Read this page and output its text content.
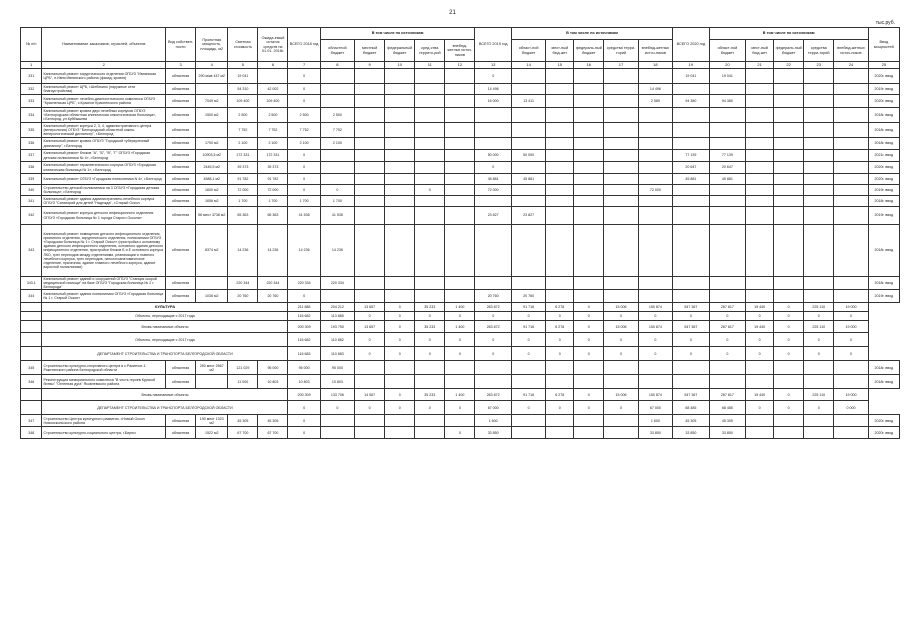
21
тыс.руб.
№ п/п	Наименование заказчиков, отраслей, объектов	Вид собствен-ности	Проектная мощность, площадь, м2	Сметная стоимость	Ожида-емый остаток средств на 01.01. 2018г.	ВСЕГО 2018 год	В том числе по источникам					ВСЕГО 2019 год	В том числе по источникам					ВСЕГО 2020 год	В том числе по источникам					Ввод мощностей
							областной бюджет	местный бюджет	федеральный бюджет	сред-ства террито-рий	внебюд-жетных источ-ников		област-ной бюджет	мест-ный бюд-жет	федераль-ный бюджет	средства терри-торий	внебюд-жетных источ-ников		област-ной бюджет	мест-ный бюд-жет	федераль-ный бюджет	средства терри-торий	внебюд-жетных источ-ников	
1	2	3	4	5	6	7	8	9	10	11	12	13	14	15	16	17	18	19	20	21	22	23	24	25
331	Капитальный ремонт хирургического отделения ОГБУЗ "Ивнянская ЦРБ", п.Ивня Ивнянского района (фасад, кровля)	областная	290 м/кв 447 м2	19 041		0						0						19 041	19 041					2020г. ввод
332	Капитальный ремонт ЦРБ, г.Шебекино (наружные сети благоустройства)	областная		54 310	42 002	0						14 496					14 496							2019г. ввод
333	Капитальный ремонт лечебно-диагностического комплекса ОГБУЗ "Красненская ЦРБ", с.Красное Красненского района	областная	7049 м2	109 400	109 400	0						16 000	13 411				2 589	94 380	94 380					2020г. ввод
334	Капитальный ремонт кровли двух лечебных корпусов ОГБУЗ «Белгородская областная клиническая онкологическая больница», г.Белгород, ул.Куйбышева	областная	1500 м2	2 500	2 500	2 500	2 500																	2018г. ввод
335	Капитальный ремонт корпуса 2, 3, 4, административного центра (венерология) ОГБУЗ "Белгородский областной кожно-венерологический диспансер", г.Белгород	областная		7 752	7 752	7 752	7 752																	2018г. ввод
336	Капитальный ремонт кровли ОГБУЗ "Городской туберкулезный диспансер", г.Белгород	областная	1700 м2	2 100	2 100	2 100	2 100																	2018г. ввод
337	Капитальный ремонт блоков "А", "Б", "В", "Г" ОГБУЗ «Городская детская поликлиника № 4», г.Белгород	областная	10903,5 м2	172 331	172 331	0						50 000	50 000					77 139	77 139					2021г. ввод
338	Капитальный ремонт терапевтического корпуса ОГБУЗ «Городская клиническая больница № 1», г.Белгород	областная	2445,5 м2	39 373	39 373	0						0						20 647	20 647					2020г. ввод
339	Капитальный ремонт ОГБУЗ «Городская поликлиника N 4», г.Белгород	областная	4588,1 м2	91 782	91 782	0						45 881	45 881					45 881	45 881					2020г. ввод
340	Строительство детской поликлиники на 3 ОГБУЗ «Городская детская больница», г.Белгород	областная	1600 м2	72 000	72 000	0	0			0		72 000					72 000							2019г. ввод
341	Капитальный ремонт здания административно-лечебного корпуса ОГБУЗ "Санаторий для детей "Надежда", г.Старый Оскол	областная	1656 м2	1 700	1 700	1 700	1 700																	2018г. ввод
342	Капитальный ремонт корпуса детского инфекционного отделения ОГБУЗ «Городская больница № 1 города Старого Оскола»	областная	56 мест 3738 м2	65 363	65 363	41 536	41 536					23 827	23 827											2019г. ввод
343	Капитальный ремонт помещения детского инфекционного отделения, приемного отделения, хирургического отделения, поликлиники ОГБУЗ «Городская больница № 1 г. Старый Оскол» (пристройка к основному зданию детского инфекционного отделения, основного здания детского инфекционного отделения, пристройки блоков Б и Е основного корпуса ЛКО, трех переходов между отделениями, реанимации и главного лечебного корпуса, трех переходов, патологоанатомическое отделение, прачечная, здание главного лечебного корпуса, здание взрослой поликлиники)	областная	8374 м2	14 236	14 236	14 236	14 236																	2018г. ввод
343.1	Капитальный ремонт зданий и сооружений ОГБУЗ "Станция скорой медицинской помощи" на базе ОГБУЗ "Городская больница № 2 г. Белгорода"	областная		220 344	220 344	220 334	220 334																	2018г. ввод
344	Капитальный ремонт здания поликлиники ОГБУЗ «Городская больница № 1 г. Старый Оскол»	областная	1036 м2	20 760	20 760	0						20 760	20 760											2019г. ввод
	КУЛЬТУРА					211 885	204 212	13 657	0	35 233	1 400	263 872	91 716	6 278	0	15 006	150 874	547 367	267 817	19 440	0	225 110	19 000	
	Объекты, переходящие с 2017 года					116 682	113 885	0	0	0	0	0	0	0	0	0	0	0	0	0	0	0	0	
	Вновь начинаемые объекты					200 309	193 750	13 657	0	35 233	1 400	263 872	91 716	6 278	0	15 006	150 874	547 367	267 817	19 440	0	225 110	19 000	
	Объекты, переходящие с 2017 года					116 682	110 882	0	0	0	0	0	0	0	0	0	0	0	0	0	0	0	0	
	ДЕПАРТАМЕНТ СТРОИТЕЛЬСТВА И ТРАНСПОРТА БЕЛГОРОДСКОЙ ОБЛАСТИ					116 683	110 883	0	0	0	0	0	0	0	0	0	0	0	0	0	0	0	0	
345	Строительство культурно-спортивного центра в с.Ракитное-1 Ракитянского района Белгородской области	областная	250 мест 2667 м2	121 029	95 000	95 000	95 000																	2018г. ввод
346	Реконструкция мемориального комплекса "В честь героев Курской битвы" "Огненная дуга" Яковлевского района	областная		11 000	10 803	10 803	10 803																	2018г. ввод
	Вновь начинаемые объекты					200 309	133 706	14 067	0	35 233	1 400	263 872	91 716	6 278	0	15 006	150 874	547 367	267 817	19 440	0	225 110	19 000	
	ДЕПАРТАМЕНТ СТРОИТЕЛЬСТВА И ТРАНСПОРТА БЕЛГОРОДСКОЙ ОБЛАСТИ					0	0	0	0	0	0	67 000	0	0	0	0	67 000	68 485	68 485	0	0	0	0 000	
347	Строительство Центра культурного развития, г.Новый Оскол Новооскольского района	областная	190 мест 1323 м2	45 305	45 305	0						1 600					1 600	45 305	45 305					2020г. ввод
348	Строительство культурно-социального центра, г.Бирюч	областная	1522 м2	67 700	67 700	0					0	33 850					33 850	33 850	33 850					2020г. ввод
